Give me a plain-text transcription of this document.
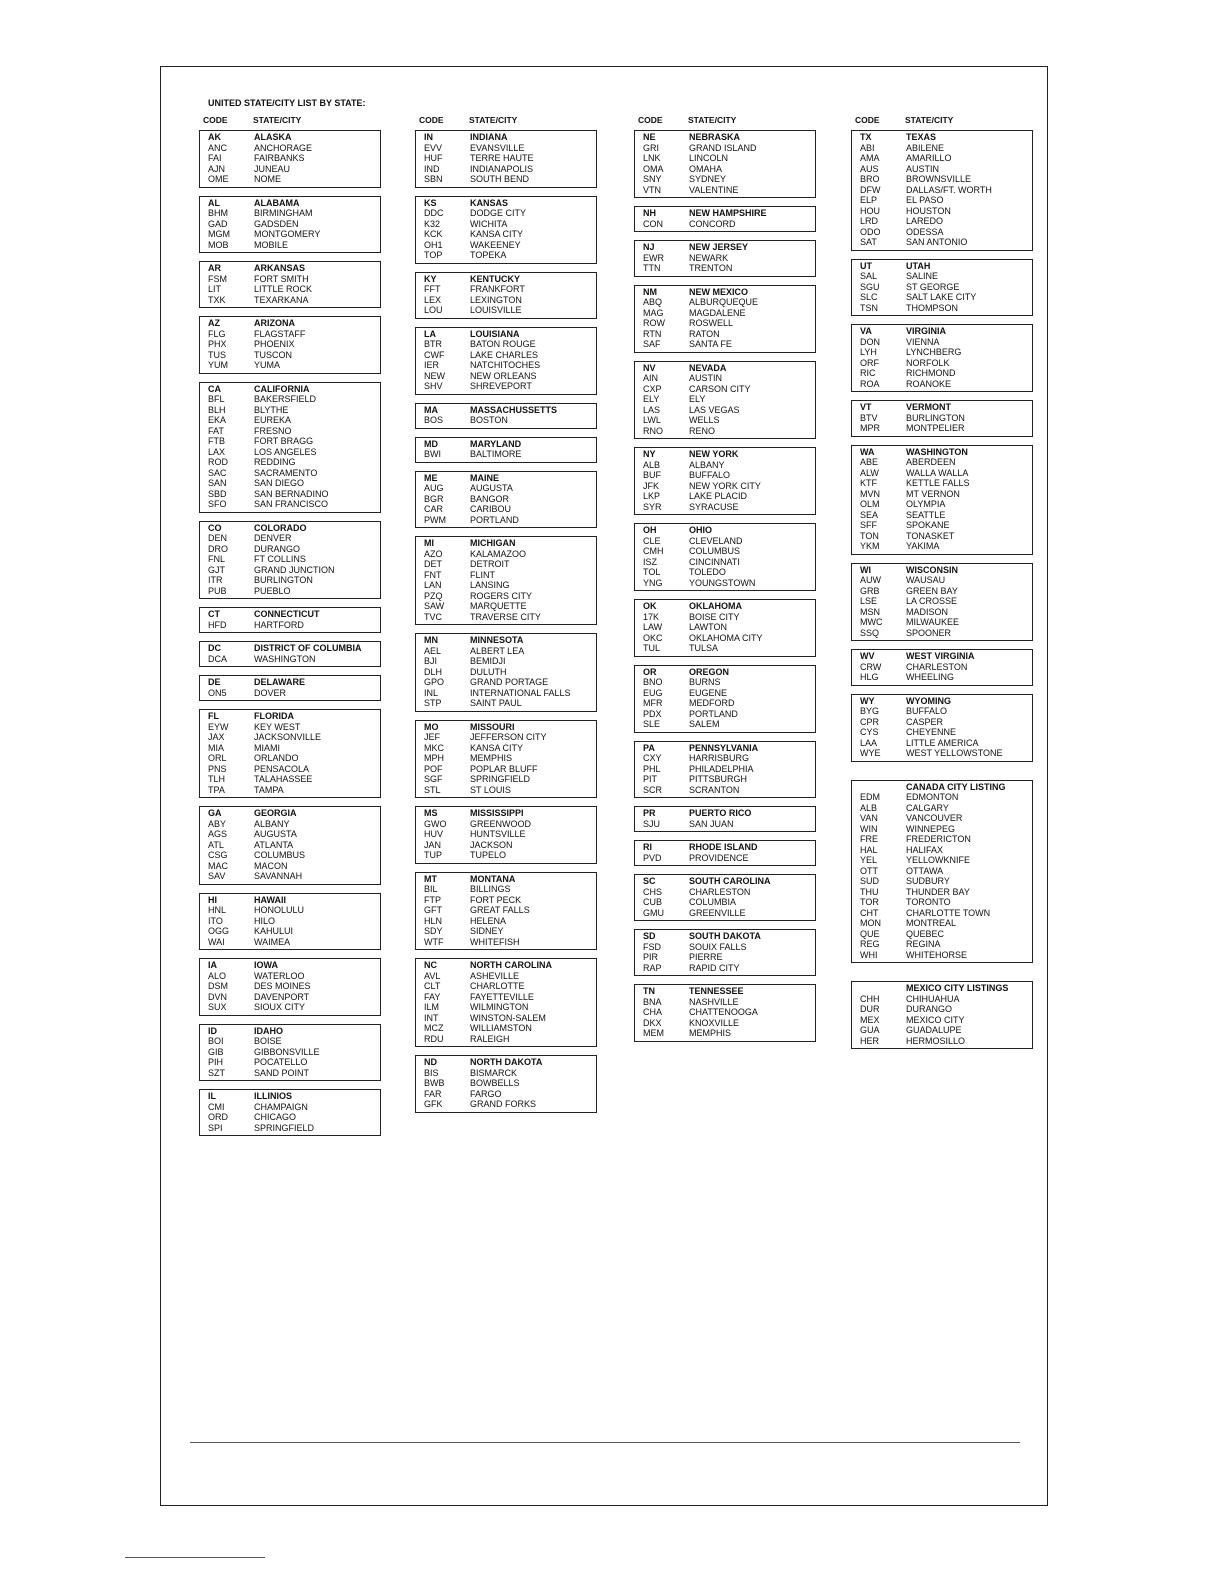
UNITED STATE/CITY LIST BY STATE:
CODE	STATE/CITY
AK	ALASKA
ANC	ANCHORAGE
FAI	FAIRBANKS
AJN	JUNEAU
OME	NOME
AL	ALABAMA
BHM	BIRMINGHAM
GAD	GADSDEN
MGM	MONTGOMERY
MOB	MOBILE
AR	ARKANSAS
FSM	FORT SMITH
LIT	LITTLE ROCK
TXK	TEXARKANA
AZ	ARIZONA
FLG	FLAGSTAFF
PHX	PHOENIX
TUS	TUSCON
YUM	YUMA
CA	CALIFORNIA
BFL	BAKERSFIELD
BLH	BLYTHE
EKA	EUREKA
FAT	FRESNO
FTB	FORT BRAGG
LAX	LOS ANGELES
ROD	REDDING
SAC	SACRAMENTO
SAN	SAN DIEGO
SBD	SAN BERNADINO
SFO	SAN FRANCISCO
CO	COLORADO
DEN	DENVER
DRO	DURANGO
FNL	FT COLLINS
GJT	GRAND JUNCTION
ITR	BURLINGTON
PUB	PUEBLO
CT	CONNECTICUT
HFD	HARTFORD
DC	DISTRICT OF COLUMBIA
DCA	WASHINGTON
DE	DELAWARE
ON5	DOVER
FL	FLORIDA
EYW	KEY WEST
JAX	JACKSONVILLE
MIA	MIAMI
ORL	ORLANDO
PNS	PENSACOLA
TLH	TALAHASSEE
TPA	TAMPA
GA	GEORGIA
ABY	ALBANY
AGS	AUGUSTA
ATL	ATLANTA
CSG	COLUMBUS
MAC	MACON
SAV	SAVANNAH
HI	HAWAII
HNL	HONOLULU
ITO	HILO
OGG	KAHULUI
WAI	WAIMEA
IA	IOWA
ALO	WATERLOO
DSM	DES MOINES
DVN	DAVENPORT
SUX	SIOUX CITY
ID	IDAHO
BOI	BOISE
GIB	GIBBONSVILLE
PIH	POCATELLO
SZT	SAND POINT
IL	ILLINIOS
CMI	CHAMPAIGN
ORD	CHICAGO
SPI	SPRINGFIELD
CODE	STATE/CITY
IN	INDIANA
EVV	EVANSVILLE
HUF	TERRE HAUTE
IND	INDIANAPOLIS
SBN	SOUTH BEND
KS	KANSAS
DDC	DODGE CITY
K32	WICHITA
KCK	KANSA CITY
OH1	WAKEENEY
TOP	TOPEKA
KY	KENTUCKY
FFT	FRANKFORT
LEX	LEXINGTON
LOU	LOUISVILLE
LA	LOUISIANA
BTR	BATON ROUGE
CWF	LAKE CHARLES
IER	NATCHITOCHES
NEW	NEW ORLEANS
SHV	SHREVEPORT
MA	MASSACHUSSETTS
BOS	BOSTON
MD	MARYLAND
BWI	BALTIMORE
ME	MAINE
AUG	AUGUSTA
BGR	BANGOR
CAR	CARIBOU
PWM	PORTLAND
MI	MICHIGAN
AZO	KALAMAZOO
DET	DETROIT
FNT	FLINT
LAN	LANSING
PZQ	ROGERS CITY
SAW	MARQUETTE
TVC	TRAVERSE CITY
MN	MINNESOTA
AEL	ALBERT LEA
BJI	BEMIDJI
DLH	DULUTH
GPO	GRAND PORTAGE
INL	INTERNATIONAL FALLS
STP	SAINT PAUL
MO	MISSOURI
JEF	JEFFERSON CITY
MKC	KANSA CITY
MPH	MEMPHIS
POF	POPLAR BLUFF
SGF	SPRINGFIELD
STL	ST LOUIS
MS	MISSISSIPPI
GWO	GREENWOOD
HUV	HUNTSVILLE
JAN	JACKSON
TUP	TUPELO
MT	MONTANA
BIL	BILLINGS
FTP	FORT PECK
GFT	GREAT FALLS
HLN	HELENA
SDY	SIDNEY
WTF	WHITEFISH
NC	NORTH CAROLINA
AVL	ASHEVILLE
CLT	CHARLOTTE
FAY	FAYETTEVILLE
ILM	WILMINGTON
INT	WINSTON-SALEM
MCZ	WILLIAMSTON
RDU	RALEIGH
ND	NORTH DAKOTA
BIS	BISMARCK
BWB	BOWBELLS
FAR	FARGO
GFK	GRAND FORKS
CODE	STATE/CITY
NE	NEBRASKA
GRI	GRAND ISLAND
LNK	LINCOLN
OMA	OMAHA
SNY	SYDNEY
VTN	VALENTINE
NH	NEW HAMPSHIRE
CON	CONCORD
NJ	NEW JERSEY
EWR	NEWARK
TTN	TRENTON
NM	NEW MEXICO
ABQ	ALBURQUEQUE
MAG	MAGDALENE
ROW	ROSWELL
RTN	RATON
SAF	SANTA FE
NV	NEVADA
AIN	AUSTIN
CXP	CARSON CITY
ELY	ELY
LAS	LAS VEGAS
LWL	WELLS
RNO	RENO
NY	NEW YORK
ALB	ALBANY
BUF	BUFFALO
JFK	NEW YORK CITY
LKP	LAKE PLACID
SYR	SYRACUSE
OH	OHIO
CLE	CLEVELAND
CMH	COLUMBUS
ISZ	CINCINNATI
TOL	TOLEDO
YNG	YOUNGSTOWN
OK	OKLAHOMA
17K	BOISE CITY
LAW	LAWTON
OKC	OKLAHOMA CITY
TUL	TULSA
OR	OREGON
BNO	BURNS
EUG	EUGENE
MFR	MEDFORD
PDX	PORTLAND
SLE	SALEM
PA	PENNSYLVANIA
CXY	HARRISBURG
PHL	PHILADELPHIA
PIT	PITTSBURGH
SCR	SCRANTON
PR	PUERTO RICO
SJU	SAN JUAN
RI	RHODE ISLAND
PVD	PROVIDENCE
SC	SOUTH CAROLINA
CHS	CHARLESTON
CUB	COLUMBIA
GMU	GREENVILLE
SD	SOUTH DAKOTA
FSD	SOUIX FALLS
PIR	PIERRE
RAP	RAPID CITY
TN	TENNESSEE
BNA	NASHVILLE
CHA	CHATTENOOGA
DKX	KNOXVILLE
MEM	MEMPHIS
CODE	STATE/CITY
TX	TEXAS
ABI	ABILENE
AMA	AMARILLO
AUS	AUSTIN
BRO	BROWNSVILLE
DFW	DALLAS/FT. WORTH
ELP	EL PASO
HOU	HOUSTON
LRD	LAREDO
ODO	ODESSA
SAT	SAN ANTONIO
UT	UTAH
SAL	SALINE
SGU	ST GEORGE
SLC	SALT LAKE CITY
TSN	THOMPSON
VA	VIRGINIA
DON	VIENNA
LYH	LYNCHBERG
ORF	NORFOLK
RIC	RICHMOND
ROA	ROANOKE
VT	VERMONT
BTV	BURLINGTON
MPR	MONTPELIER
WA	WASHINGTON
ABE	ABERDEEN
ALW	WALLA WALLA
KTF	KETTLE FALLS
MVN	MT VERNON
OLM	OLYMPIA
SEA	SEATTLE
SFF	SPOKANE
TON	TONASKET
YKM	YAKIMA
WI	WISCONSIN
AUW	WAUSAU
GRB	GREEN BAY
LSE	LA CROSSE
MSN	MADISON
MWC	MILWAUKEE
SSQ	SPOONER
WV	WEST VIRGINIA
CRW	CHARLESTON
HLG	WHEELING
WY	WYOMING
BYG	BUFFALO
CPR	CASPER
CYS	CHEYENNE
LAA	LITTLE AMERICA
WYE	WEST YELLOWSTONE
CANADA CITY LISTING
EDM	EDMONTON
ALB	CALGARY
VAN	VANCOUVER
WIN	WINNEPEG
FRE	FREDERICTON
HAL	HALIFAX
YEL	YELLOWKNIFE
OTT	OTTAWA
SUD	SUDBURY
THU	THUNDER BAY
TOR	TORONTO
CHT	CHARLOTTE TOWN
MON	MONTREAL
QUE	QUEBEC
REG	REGINA
WHI	WHITEHORSE
MEXICO CITY LISTINGS
CHH	CHIHUAHUA
DUR	DURANGO
MEX	MEXICO CITY
GUA	GUADALUPE
HER	HERMOSILLO
